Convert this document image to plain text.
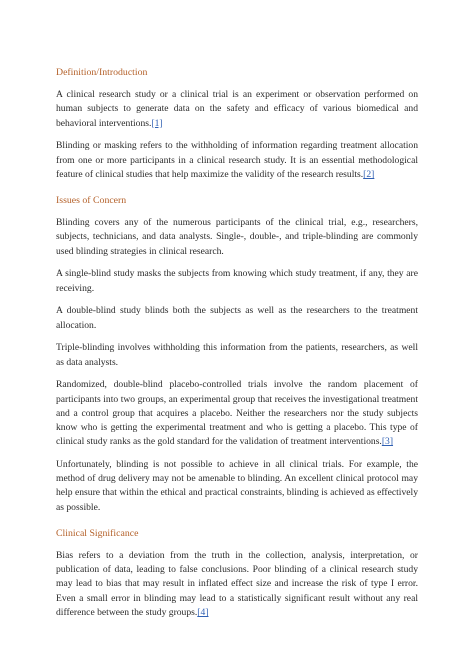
Definition/Introduction

A clinical research study or a clinical trial is an experiment or observation performed on human subjects to generate data on the safety and efficacy of various biomedical and behavioral interventions.[1]

Blinding or masking refers to the withholding of information regarding treatment allocation from one or more participants in a clinical research study. It is an essential methodological feature of clinical studies that help maximize the validity of the research results.[2]

Issues of Concern

Blinding covers any of the numerous participants of the clinical trial, e.g., researchers, subjects, technicians, and data analysts. Single-, double-, and triple-blinding are commonly used blinding strategies in clinical research.

A single-blind study masks the subjects from knowing which study treatment, if any, they are receiving.

A double-blind study blinds both the subjects as well as the researchers to the treatment allocation.

Triple-blinding involves withholding this information from the patients, researchers, as well as data analysts.

Randomized, double-blind placebo-controlled trials involve the random placement of participants into two groups, an experimental group that receives the investigational treatment and a control group that acquires a placebo. Neither the researchers nor the study subjects know who is getting the experimental treatment and who is getting a placebo. This type of clinical study ranks as the gold standard for the validation of treatment interventions.[3]

Unfortunately, blinding is not possible to achieve in all clinical trials. For example, the method of drug delivery may not be amenable to blinding. An excellent clinical protocol may help ensure that within the ethical and practical constraints, blinding is achieved as effectively as possible.

Clinical Significance

Bias refers to a deviation from the truth in the collection, analysis, interpretation, or publication of data, leading to false conclusions. Poor blinding of a clinical research study may lead to bias that may result in inflated effect size and increase the risk of type I error. Even a small error in blinding may lead to a statistically significant result without any real difference between the study groups.[4]
